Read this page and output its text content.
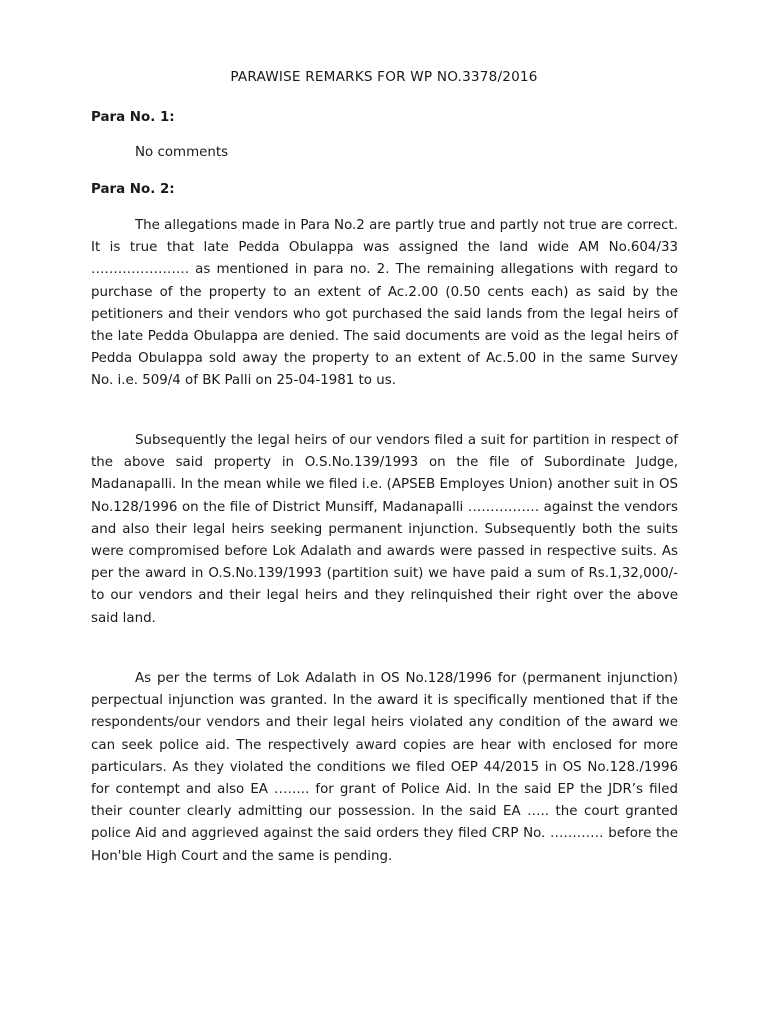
PARAWISE REMARKS FOR WP NO.3378/2016
Para No. 1:

No comments

Para No. 2:

The allegations made in Para No.2 are partly true and partly not true are correct. It is true that late Pedda Obulappa was assigned the land wide AM No.604/33 …………………. as mentioned in para no. 2. The remaining allegations with regard to purchase of the property to an extent of Ac.2.00 (0.50 cents each) as said by the petitioners and their vendors who got purchased the said lands from the legal heirs of the late Pedda Obulappa are denied. The said documents are void as the legal heirs of Pedda Obulappa sold away the property to an extent of Ac.5.00 in the same Survey No. i.e. 509/4 of BK Palli on 25-04-1981 to us.

Subsequently the legal heirs of our vendors filed a suit for partition in respect of the above said property in O.S.No.139/1993 on the file of Subordinate Judge, Madanapalli. In the mean while we filed i.e. (APSEB Employes Union) another suit in OS No.128/1996 on the file of District Munsiff, Madanapalli ……………. against the vendors and also their legal heirs seeking permanent injunction. Subsequently both the suits were compromised before Lok Adalath and awards were passed in respective suits. As per the award in O.S.No.139/1993 (partition suit) we have paid a sum of Rs.1,32,000/- to our vendors and their legal heirs and they relinquished their right over the above said land.

As per the terms of Lok Adalath in OS No.128/1996 for (permanent injunction) perpectual injunction was granted. In the award it is specifically mentioned that if the respondents/our vendors and their legal heirs violated any condition of the award we can seek police aid. The respectively award copies are hear with enclosed for more particulars. As they violated the conditions we filed OEP 44/2015 in OS No.128./1996 for contempt and also EA …….. for grant of Police Aid. In the said EP the JDR’s filed their counter clearly admitting our possession. In the said EA ….. the court granted police Aid and aggrieved against the said orders they filed CRP No. ………… before the Hon'ble High Court and the same is pending.
